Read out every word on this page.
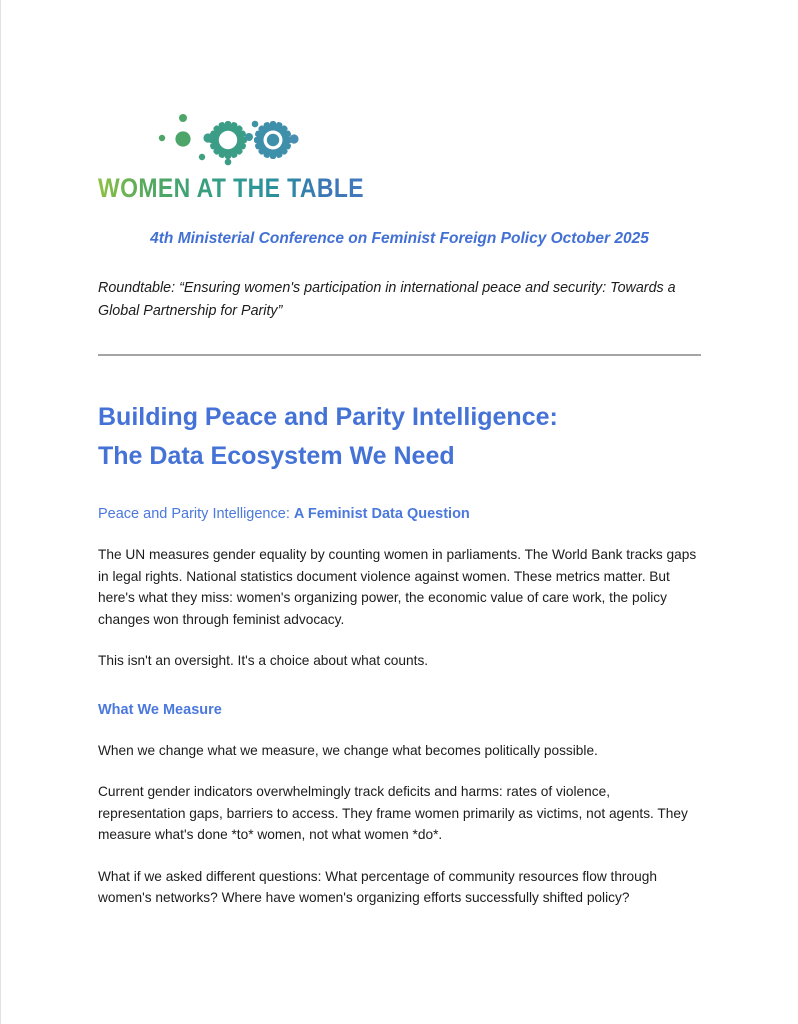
WOMEN AT THE TABLE
4th Ministerial Conference on Feminist Foreign Policy October 2025
Roundtable: “Ensuring women's participation in international peace and security: Towards a Global Partnership for Parity”
Building Peace and Parity Intelligence:
The Data Ecosystem We Need
Peace and Parity Intelligence: A Feminist Data Question

The UN measures gender equality by counting women in parliaments. The World Bank tracks gaps in legal rights. National statistics document violence against women. These metrics matter. But here's what they miss: women's organizing power, the economic value of care work, the policy changes won through feminist advocacy.

This isn't an oversight. It's a choice about what counts.

What We Measure

When we change what we measure, we change what becomes politically possible.

Current gender indicators overwhelmingly track deficits and harms: rates of violence, representation gaps, barriers to access. They frame women primarily as victims, not agents. They measure what's done *to* women, not what women *do*.

What if we asked different questions: What percentage of community resources flow through women's networks? Where have women's organizing efforts successfully shifted policy?
